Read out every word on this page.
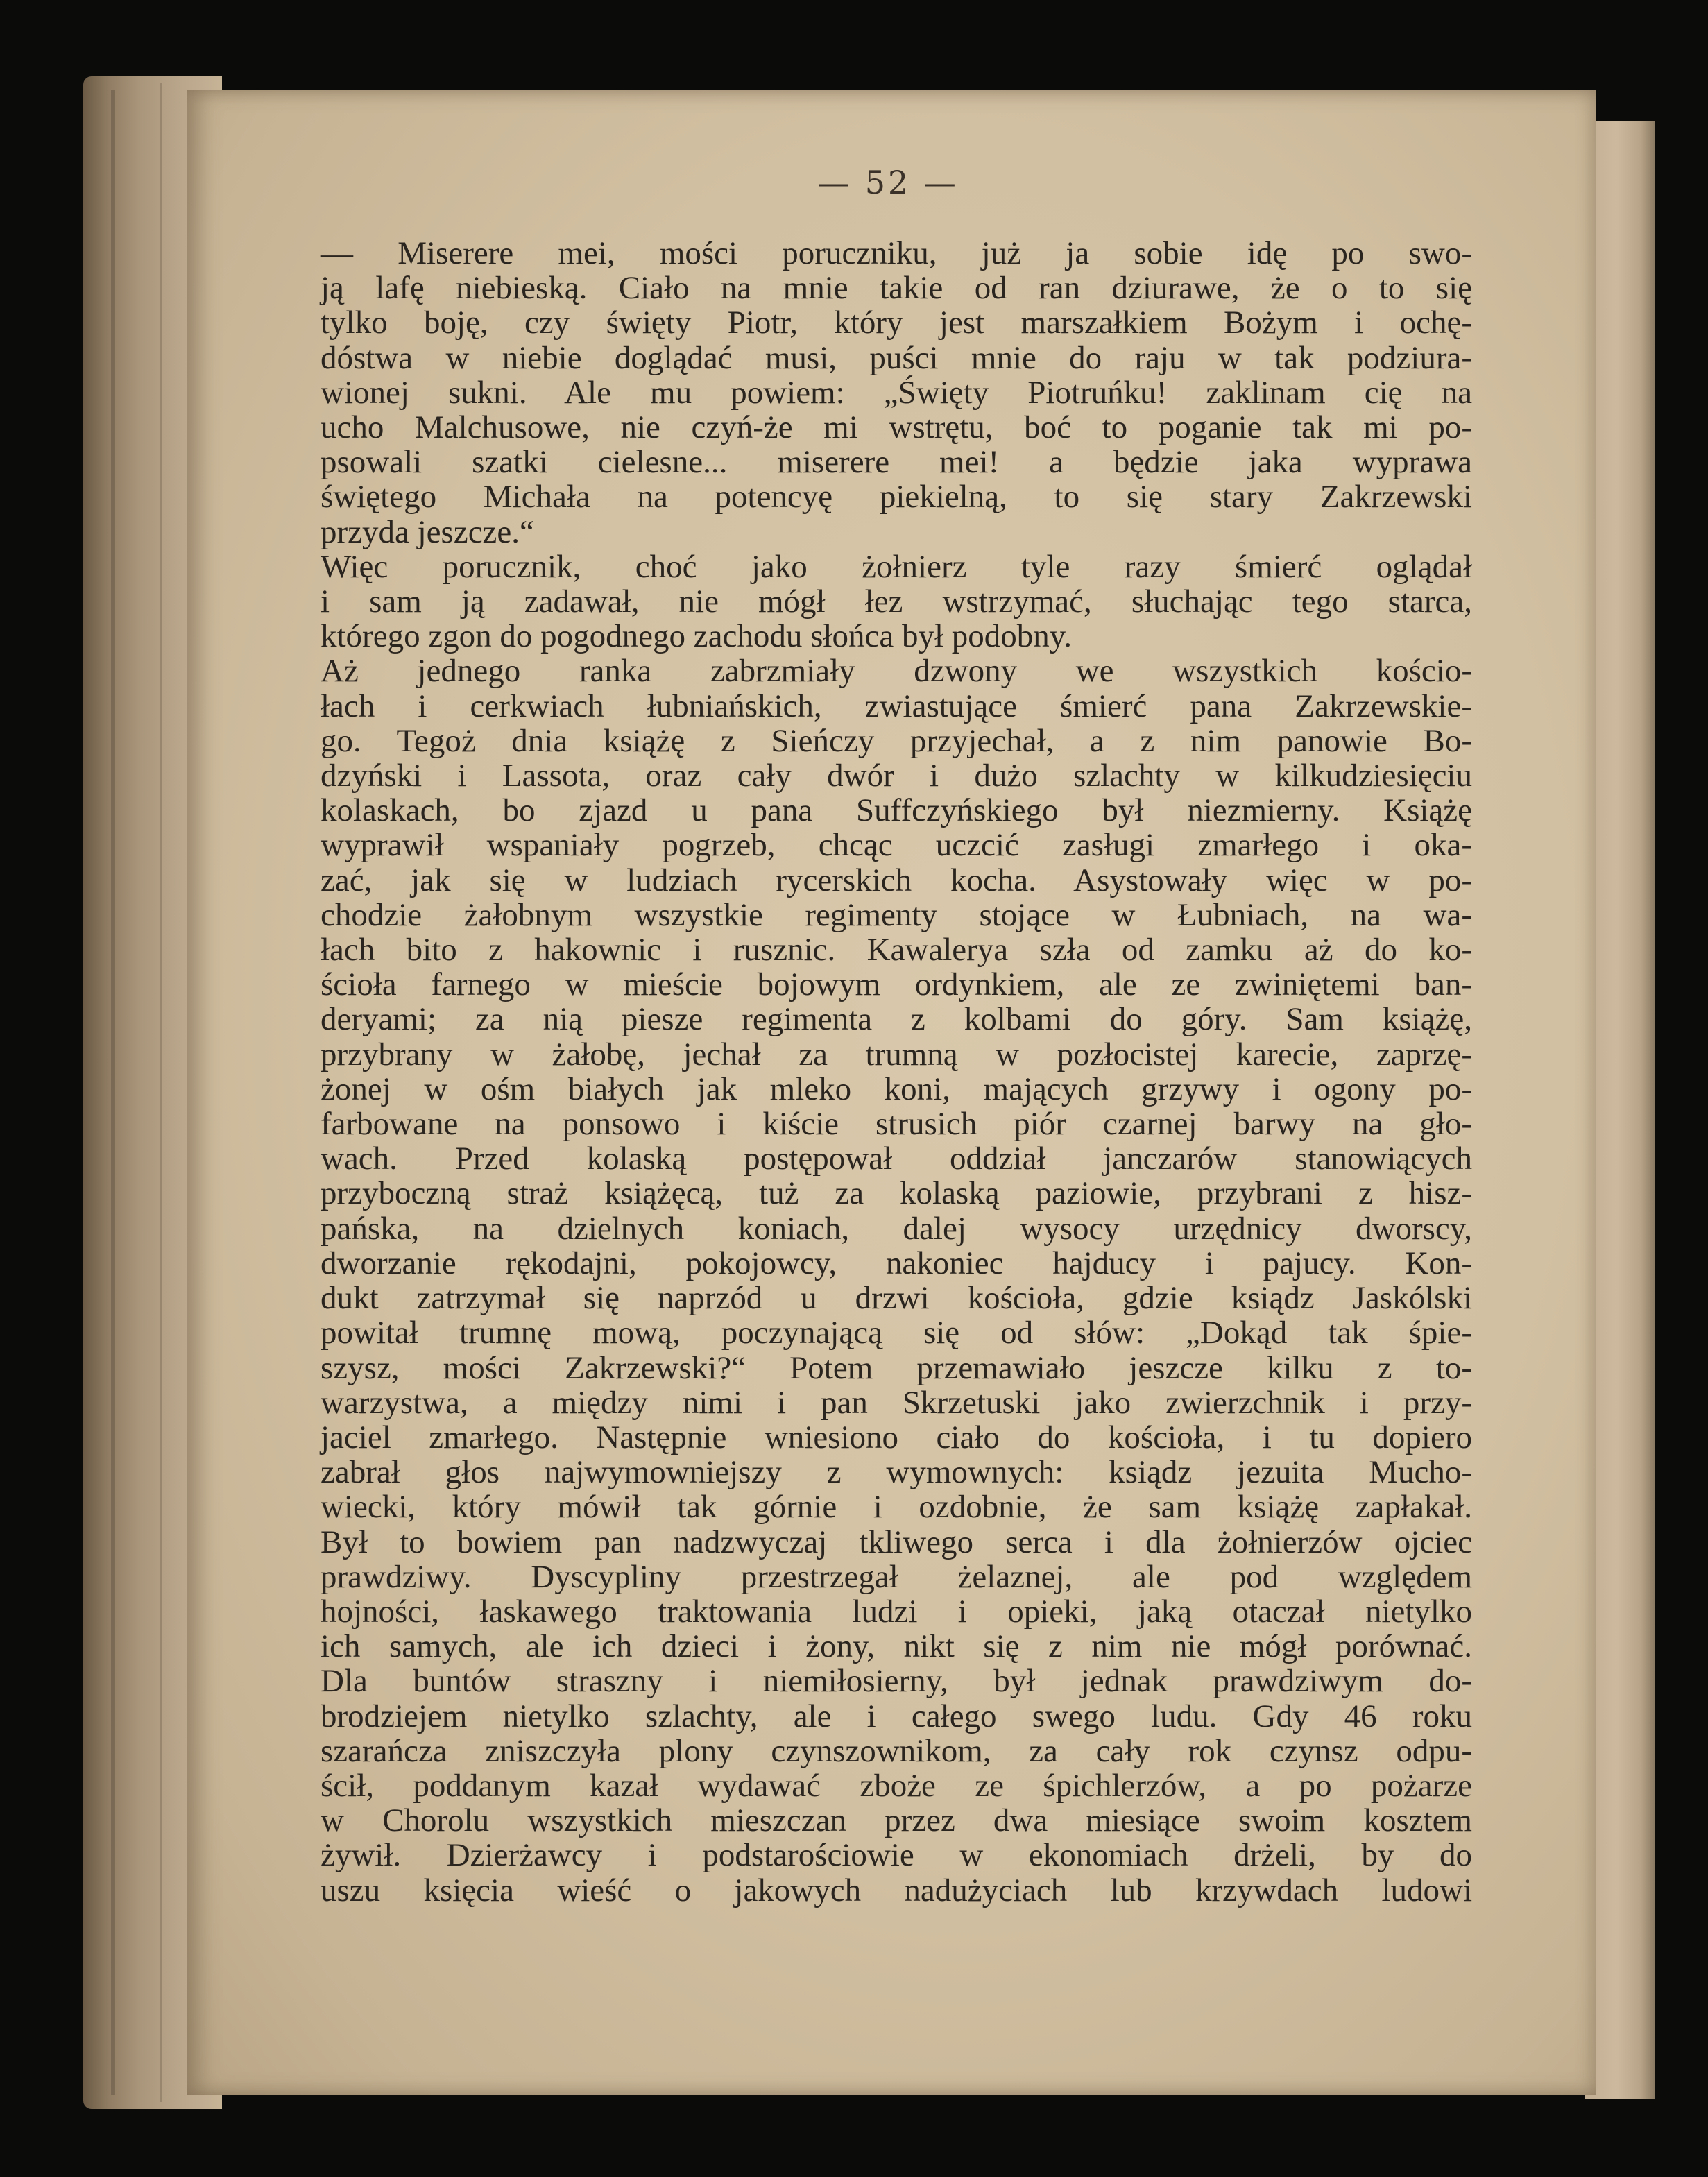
— 52 —
— Miserere mei, mości poruczniku, już ja sobie idę po swo-
ją lafę niebieską. Ciało na mnie takie od ran dziurawe, że o to się
tylko boję, czy święty Piotr, który jest marszałkiem Bożym i ochę-
dóstwa w niebie doglądać musi, puści mnie do raju w tak podziura-
wionej sukni. Ale mu powiem: „Święty Piotruńku! zaklinam cię na
ucho Malchusowe, nie czyń-że mi wstrętu, boć to poganie tak mi po-
psowali szatki cielesne... miserere mei! a będzie jaka wyprawa
świętego Michała na potencyę piekielną, to się stary Zakrzewski
przyda jeszcze.“
Więc porucznik, choć jako żołnierz tyle razy śmierć oglądał
i sam ją zadawał, nie mógł łez wstrzymać, słuchając tego starca,
którego zgon do pogodnego zachodu słońca był podobny.
Aż jednego ranka zabrzmiały dzwony we wszystkich kościo-
łach i cerkwiach łubniańskich, zwiastujące śmierć pana Zakrzewskie-
go. Tegoż dnia książę z Sieńczy przyjechał, a z nim panowie Bo-
dzyński i Lassota, oraz cały dwór i dużo szlachty w kilkudziesięciu
kolaskach, bo zjazd u pana Suffczyńskiego był niezmierny. Książę
wyprawił wspaniały pogrzeb, chcąc uczcić zasługi zmarłego i oka-
zać, jak się w ludziach rycerskich kocha. Asystowały więc w po-
chodzie żałobnym wszystkie regimenty stojące w Łubniach, na wa-
łach bito z hakownic i rusznic. Kawalerya szła od zamku aż do ko-
ścioła farnego w mieście bojowym ordynkiem, ale ze zwiniętemi ban-
deryami; za nią piesze regimenta z kolbami do góry. Sam książę,
przybrany w żałobę, jechał za trumną w pozłocistej karecie, zaprzę-
żonej w ośm białych jak mleko koni, mających grzywy i ogony po-
farbowane na ponsowo i kiście strusich piór czarnej barwy na gło-
wach. Przed kolaską postępował oddział janczarów stanowiących
przyboczną straż książęcą, tuż za kolaską paziowie, przybrani z hisz-
pańska, na dzielnych koniach, dalej wysocy urzędnicy dworscy,
dworzanie rękodajni, pokojowcy, nakoniec hajducy i pajucy. Kon-
dukt zatrzymał się naprzód u drzwi kościoła, gdzie ksiądz Jaskólski
powitał trumnę mową, poczynającą się od słów: „Dokąd tak śpie-
szysz, mości Zakrzewski?“ Potem przemawiało jeszcze kilku z to-
warzystwa, a między nimi i pan Skrzetuski jako zwierzchnik i przy-
jaciel zmarłego. Następnie wniesiono ciało do kościoła, i tu dopiero
zabrał głos najwymowniejszy z wymownych: ksiądz jezuita Mucho-
wiecki, który mówił tak górnie i ozdobnie, że sam książę zapłakał.
Był to bowiem pan nadzwyczaj tkliwego serca i dla żołnierzów ojciec
prawdziwy. Dyscypliny przestrzegał żelaznej, ale pod względem
hojności, łaskawego traktowania ludzi i opieki, jaką otaczał nietylko
ich samych, ale ich dzieci i żony, nikt się z nim nie mógł porównać.
Dla buntów straszny i niemiłosierny, był jednak prawdziwym do-
brodziejem nietylko szlachty, ale i całego swego ludu. Gdy 46 roku
szarańcza zniszczyła plony czynszownikom, za cały rok czynsz odpu-
ścił, poddanym kazał wydawać zboże ze śpichlerzów, a po pożarze
w Chorolu wszystkich mieszczan przez dwa miesiące swoim kosztem
żywił. Dzierżawcy i podstarościowie w ekonomiach drżeli, by do
uszu księcia wieść o jakowych nadużyciach lub krzywdach ludowi
